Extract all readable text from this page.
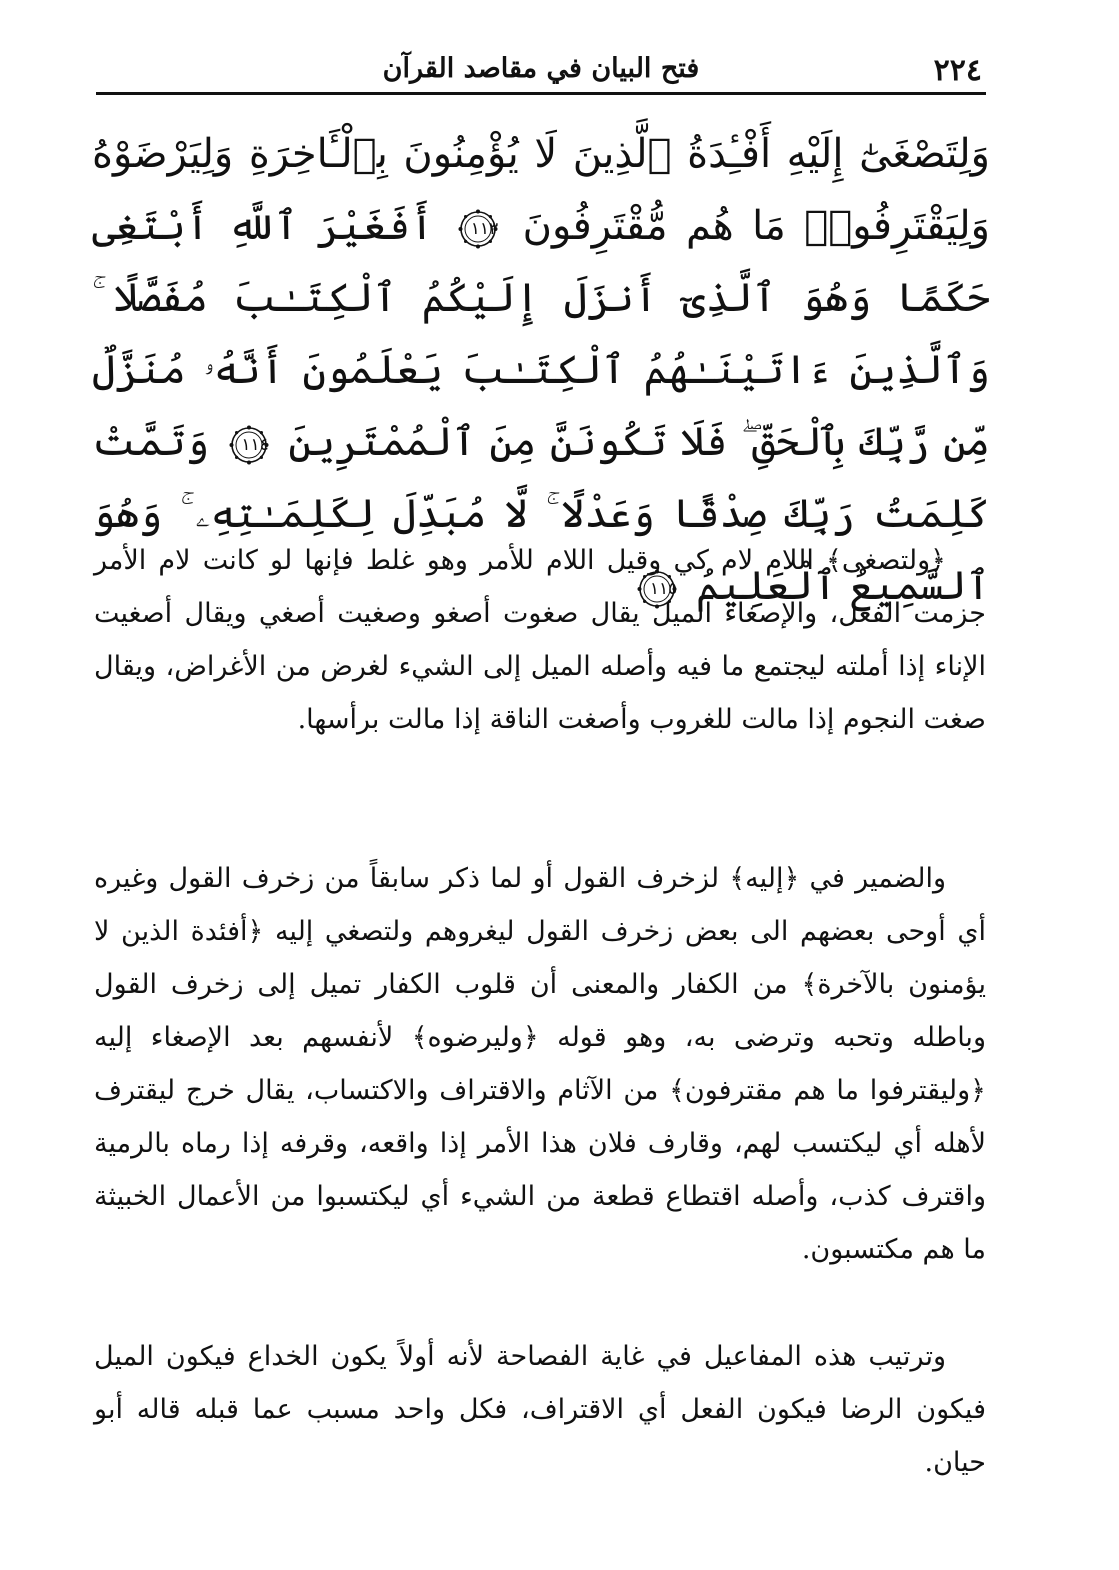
٢٢٤
فتح البيان في مقاصد القرآن
وَلِتَصْغَىٰٓ إِلَيْهِ أَفْـِٔدَةُ ٱلَّذِينَ لَا يُؤْمِنُونَ بِٱلْـَٔاخِرَةِ وَلِيَرْضَوْهُ وَلِيَقْتَرِفُوا۟ مَا هُم مُّقْتَرِفُونَ
١١٣
أَفَغَيْرَ ٱللَّهِ أَبْتَغِى حَكَمًا وَهُوَ ٱلَّذِىٓ أَنزَلَ إِلَيْكُمُ ٱلْكِتَـٰبَ مُفَصَّلًا ۚ وَٱلَّذِينَ ءَاتَيْنَـٰهُمُ ٱلْكِتَـٰبَ يَعْلَمُونَ أَنَّهُۥ مُنَزَّلٌ مِّن رَّبِّكَ بِٱلْحَقِّ ۖ فَلَا تَكُونَنَّ مِنَ ٱلْمُمْتَرِينَ
١١٤
وَتَمَّتْ كَلِمَتُ رَبِّكَ صِدْقًا وَعَدْلًا ۚ لَّا مُبَدِّلَ لِكَلِمَـٰتِهِۦ ۚ وَهُوَ ٱلسَّمِيعُ ٱلْعَلِيمُ
١١٥

﴿ولتصغى﴾ اللام لام كي وقيل اللام للأمر وهو غلط فإنها لو كانت لام الأمر جزمت الفعل، والإصغاء الميل يقال صغوت أصغو وصغيت أصغي ويقال أصغيت الإناء إذا أملته ليجتمع ما فيه وأصله الميل إلى الشيء لغرض من الأغراض، ويقال صغت النجوم إذا مالت للغروب وأصغت الناقة إذا مالت برأسها.

والضمير في ﴿إليه﴾ لزخرف القول أو لما ذكر سابقاً من زخرف القول وغيره أي أوحى بعضهم الى بعض زخرف القول ليغروهم ولتصغي إليه ﴿أفئدة الذين لا يؤمنون بالآخرة﴾ من الكفار والمعنى أن قلوب الكفار تميل إلى زخرف القول وباطله وتحبه وترضى به، وهو قوله ﴿وليرضوه﴾ لأنفسهم بعد الإصغاء إليه ﴿وليقترفوا ما هم مقترفون﴾ من الآثام والاقتراف والاكتساب، يقال خرج ليقترف لأهله أي ليكتسب لهم، وقارف فلان هذا الأمر إذا واقعه، وقرفه إذا رماه بالرمية واقترف كذب، وأصله اقتطاع قطعة من الشيء أي ليكتسبوا من الأعمال الخبيثة ما هم مكتسبون.

وترتيب هذه المفاعيل في غاية الفصاحة لأنه أولاً يكون الخداع فيكون الميل فيكون الرضا فيكون الفعل أي الاقتراف، فكل واحد مسبب عما قبله قاله أبو حيان.
